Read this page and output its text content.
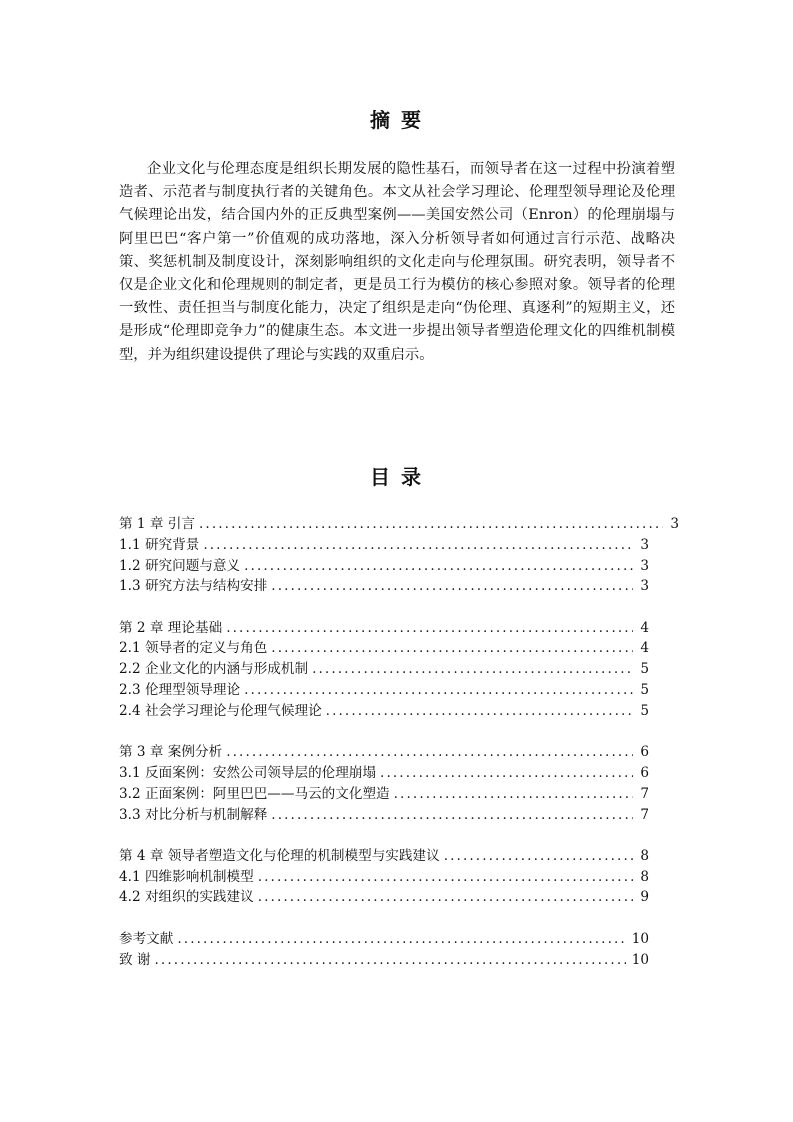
摘 要

企业文化与伦理态度是组织长期发展的隐性基石，而领导者在这一过程中扮演着塑造者、示范者与制度执行者的关键角色。本文从社会学习理论、伦理型领导理论及伦理气候理论出发，结合国内外的正反典型案例——美国安然公司（Enron）的伦理崩塌与阿里巴巴“客户第一”价值观的成功落地，深入分析领导者如何通过言行示范、战略决策、奖惩机制及制度设计，深刻影响组织的文化走向与伦理氛围。研究表明，领导者不仅是企业文化和伦理规则的制定者，更是员工行为模仿的核心参照对象。领导者的伦理一致性、责任担当与制度化能力，决定了组织是走向“伪伦理、真逐利”的短期主义，还是形成“伦理即竞争力”的健康生态。本文进一步提出领导者塑造伦理文化的四维机制模型，并为组织建设提供了理论与实践的双重启示。

目 录
第 1 章 引言 .....	3
1.1 研究背景 .....	3
1.2 研究问题与意义 .....	3
1.3 研究方法与结构安排 .....	3
第 2 章 理论基础 .....	4
2.1 领导者的定义与角色 .....	4
2.2 企业文化的内涵与形成机制 .....	5
2.3 伦理型领导理论 .....	5
2.4 社会学习理论与伦理气候理论 .....	5
第 3 章 案例分析 .....	6
3.1 反面案例：安然公司领导层的伦理崩塌 .....	6
3.2 正面案例：阿里巴巴——马云的文化塑造 .....	7
3.3 对比分析与机制解释 .....	7
第 4 章 领导者塑造文化与伦理的机制模型与实践建议 .....	8
4.1 四维影响机制模型 .....	8
4.2 对组织的实践建议 .....	9
参考文献 .....	10
致 谢 .....	10
